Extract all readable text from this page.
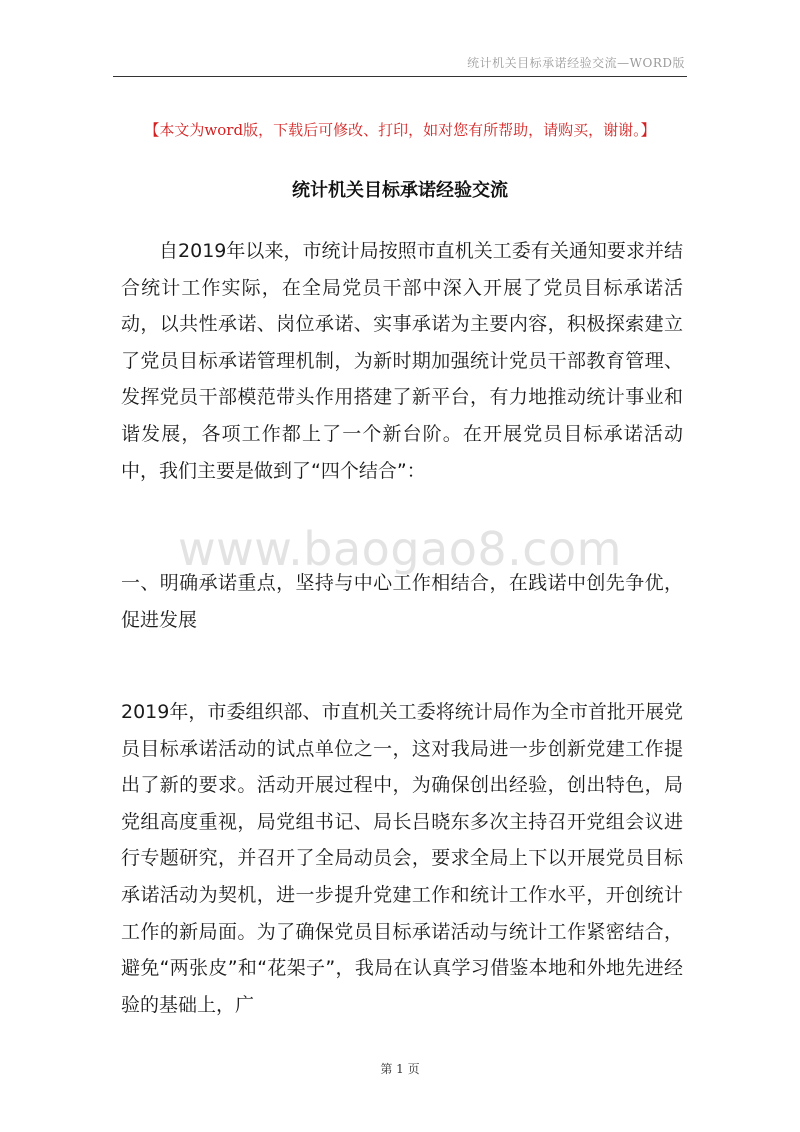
统计机关目标承诺经验交流—WORD版
【本文为word版，下载后可修改、打印，如对您有所帮助，请购买，谢谢。】
统计机关目标承诺经验交流
自2019年以来，市统计局按照市直机关工委有关通知要求并结合统计工作实际，在全局党员干部中深入开展了党员目标承诺活动，以共性承诺、岗位承诺、实事承诺为主要内容，积极探索建立了党员目标承诺管理机制，为新时期加强统计党员干部教育管理、发挥党员干部模范带头作用搭建了新平台，有力地推动统计事业和谐发展，各项工作都上了一个新台阶。在开展党员目标承诺活动中，我们主要是做到了“四个结合”：
www.baogao8.com
一、明确承诺重点，坚持与中心工作相结合，在践诺中创先争优，促进发展
2019年，市委组织部、市直机关工委将统计局作为全市首批开展党员目标承诺活动的试点单位之一，这对我局进一步创新党建工作提出了新的要求。活动开展过程中，为确保创出经验，创出特色，局党组高度重视，局党组书记、局长吕晓东多次主持召开党组会议进行专题研究，并召开了全局动员会，要求全局上下以开展党员目标承诺活动为契机，进一步提升党建工作和统计工作水平，开创统计工作的新局面。为了确保党员目标承诺活动与统计工作紧密结合，避免“两张皮”和“花架子”，我局在认真学习借鉴本地和外地先进经验的基础上，广
第 1 页
